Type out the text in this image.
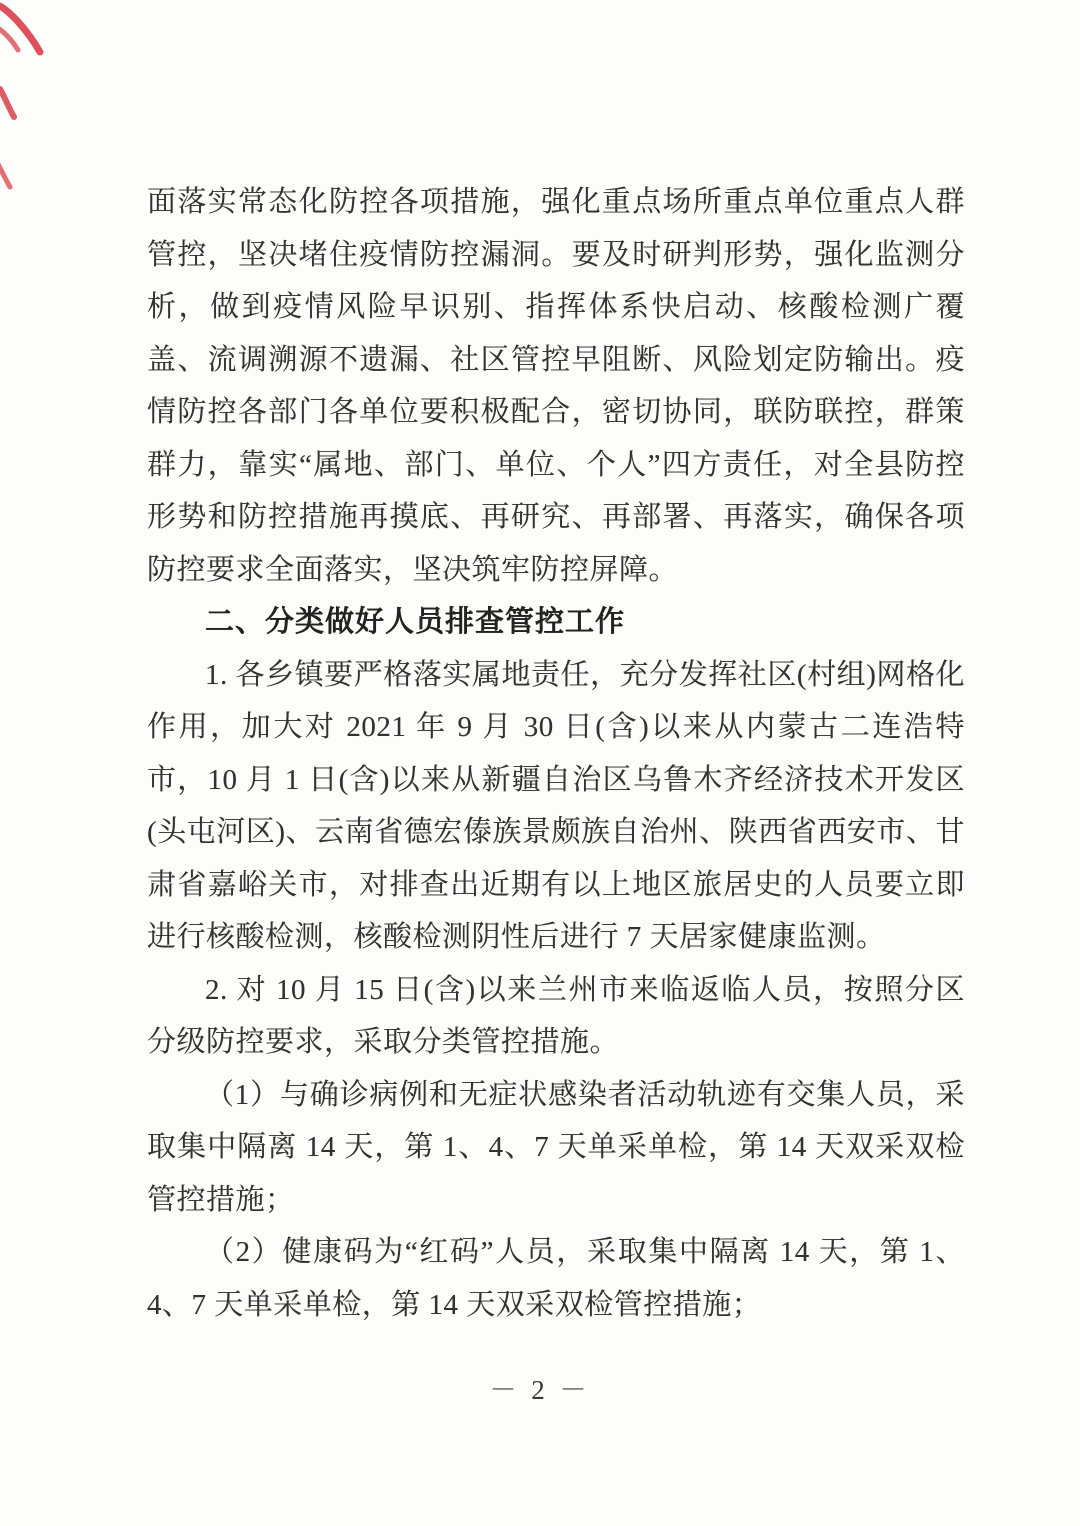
面落实常态化防控各项措施，强化重点场所重点单位重点人群管控，坚决堵住疫情防控漏洞。要及时研判形势，强化监测分析，做到疫情风险早识别、指挥体系快启动、核酸检测广覆盖、流调溯源不遗漏、社区管控早阻断、风险划定防输出。疫情防控各部门各单位要积极配合，密切协同，联防联控，群策群力，靠实“属地、部门、单位、个人”四方责任，对全县防控形势和防控措施再摸底、再研究、再部署、再落实，确保各项防控要求全面落实，坚决筑牢防控屏障。

二、分类做好人员排查管控工作

1. 各乡镇要严格落实属地责任，充分发挥社区(村组)网格化作用，加大对 2021 年 9 月 30 日(含)以来从内蒙古二连浩特市，10 月 1 日(含)以来从新疆自治区乌鲁木齐经济技术开发区(头屯河区)、云南省德宏傣族景颇族自治州、陕西省西安市、甘肃省嘉峪关市，对排查出近期有以上地区旅居史的人员要立即进行核酸检测，核酸检测阴性后进行 7 天居家健康监测。

2. 对 10 月 15 日(含)以来兰州市来临返临人员，按照分区分级防控要求，采取分类管控措施。

（1）与确诊病例和无症状感染者活动轨迹有交集人员，采取集中隔离 14 天，第 1、4、7 天单采单检，第 14 天双采双检管控措施；

（2）健康码为“红码”人员，采取集中隔离 14 天，第 1、4、7 天单采单检，第 14 天双采双检管控措施；

－ 2 －
